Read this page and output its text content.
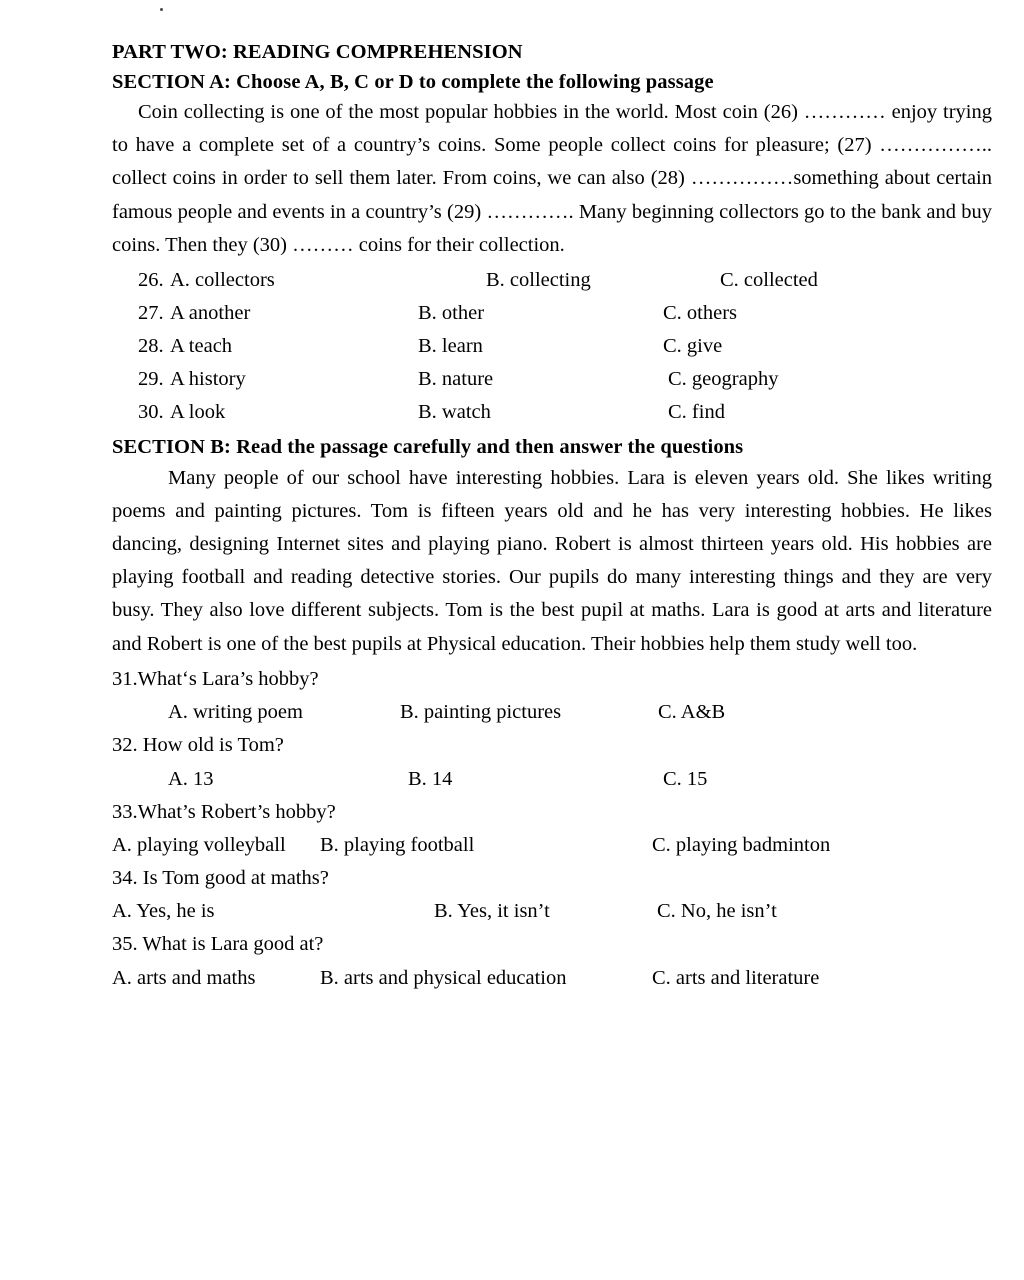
PART TWO: READING COMPREHENSION
SECTION A: Choose A, B, C or D to complete the following passage

Coin collecting is one of the most popular hobbies in the world. Most coin (26) ………… enjoy trying to have a complete set of a country’s coins. Some people collect coins for pleasure; (27) …………….. collect coins in order to sell them later. From coins, we can also (28) ……………something about certain famous people and events in a country’s (29) …………. Many beginning collectors go to the bank and buy coins. Then they (30) ……… coins for their collection.

26. A. collectors	B. collecting	C. collected
27. A another	B. other	C. others
28. A teach	B. learn	C. give
29. A history	B. nature	C. geography
30. A look	B. watch	C. find
SECTION B: Read the passage carefully and then answer the questions

Many people of our school have interesting hobbies. Lara is eleven years old. She likes writing poems and painting pictures. Tom is fifteen years old and he has very interesting hobbies. He likes dancing, designing Internet sites and playing piano. Robert is almost thirteen years old. His hobbies are playing football and reading detective stories. Our pupils do many interesting things and they are very busy. They also love different subjects. Tom is the best pupil at maths. Lara is good at arts and literature and Robert is one of the best pupils at Physical education. Their hobbies help them study well too.

31.What‘s Lara’s hobby?
A. writing poem	B. painting pictures	C. A&B
32. How old is Tom?
A. 13	B. 14	C. 15
33.What’s Robert’s hobby?
A. playing volleyball B. playing football	C. playing badminton
34. Is Tom good at maths?
A. Yes, he is	B. Yes, it isn’t	C. No, he isn’t
35. What is Lara good at?
A. arts and maths	B. arts and physical education	C. arts and literature
